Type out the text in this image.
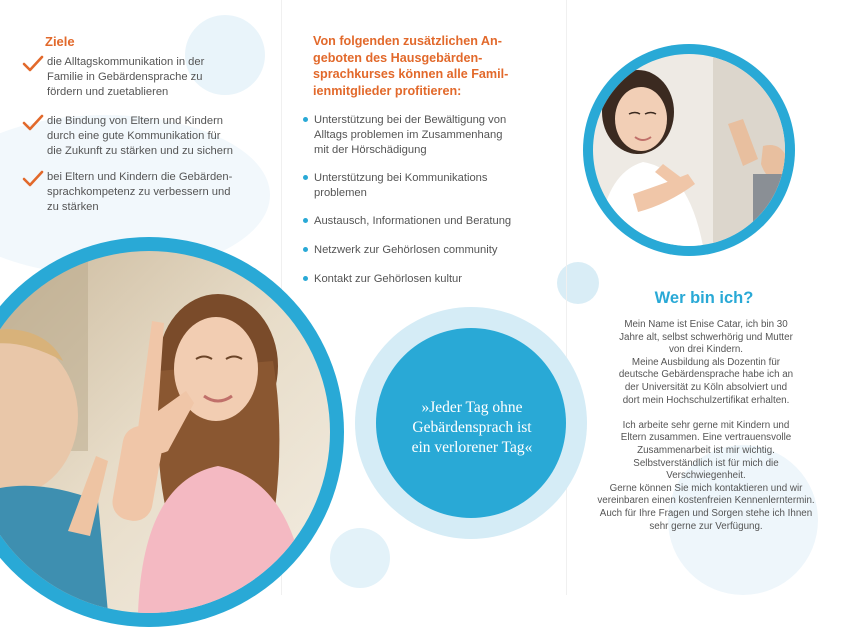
Ziele
die Alltagskommunikation in der
Familie in Gebärdensprache zu
fördern und zuetablieren
die Bindung von Eltern und Kindern
durch eine gute Kommunikation für
die Zukunft zu stärken und zu sichern
bei Eltern und Kindern die Gebärden-
sprachkompetenz zu verbessern und
zu stärken
Von folgenden zusätzlichen An-
geboten des Hausgebärden-
sprachkurses können alle Famil-
ienmitglieder profitieren:
Unterstützung bei der Bewältigung von
Alltags problemen im Zusammenhang
mit der Hörschädigung
Unterstützung bei Kommunikations
problemen
Austausch, Informationen und Beratung
Netzwerk zur Gehörlosen community
Kontakt zur Gehörlosen kultur
»Jeder Tag ohne
Gebärdensprach ist
ein verlorener Tag«
Wer bin ich?

Mein Name ist Enise Catar, ich bin 30
Jahre alt, selbst schwerhörig und Mutter
von drei Kindern.
Meine Ausbildung als Dozentin für
deutsche Gebärdensprache habe ich an
der Universität zu Köln absolviert und
dort mein Hochschulzertifikat erhalten.

Ich arbeite sehr gerne mit Kindern und
Eltern zusammen. Eine vertrauensvolle
Zusammenarbeit ist mir wichtig.
Selbstverständlich ist für mich die
Verschwiegenheit.
Gerne können Sie mich kontaktieren und wir
vereinbaren einen kostenfreien Kennenlerntermin.
Auch für Ihre Fragen und Sorgen stehe ich Ihnen
sehr gerne zur Verfügung.
